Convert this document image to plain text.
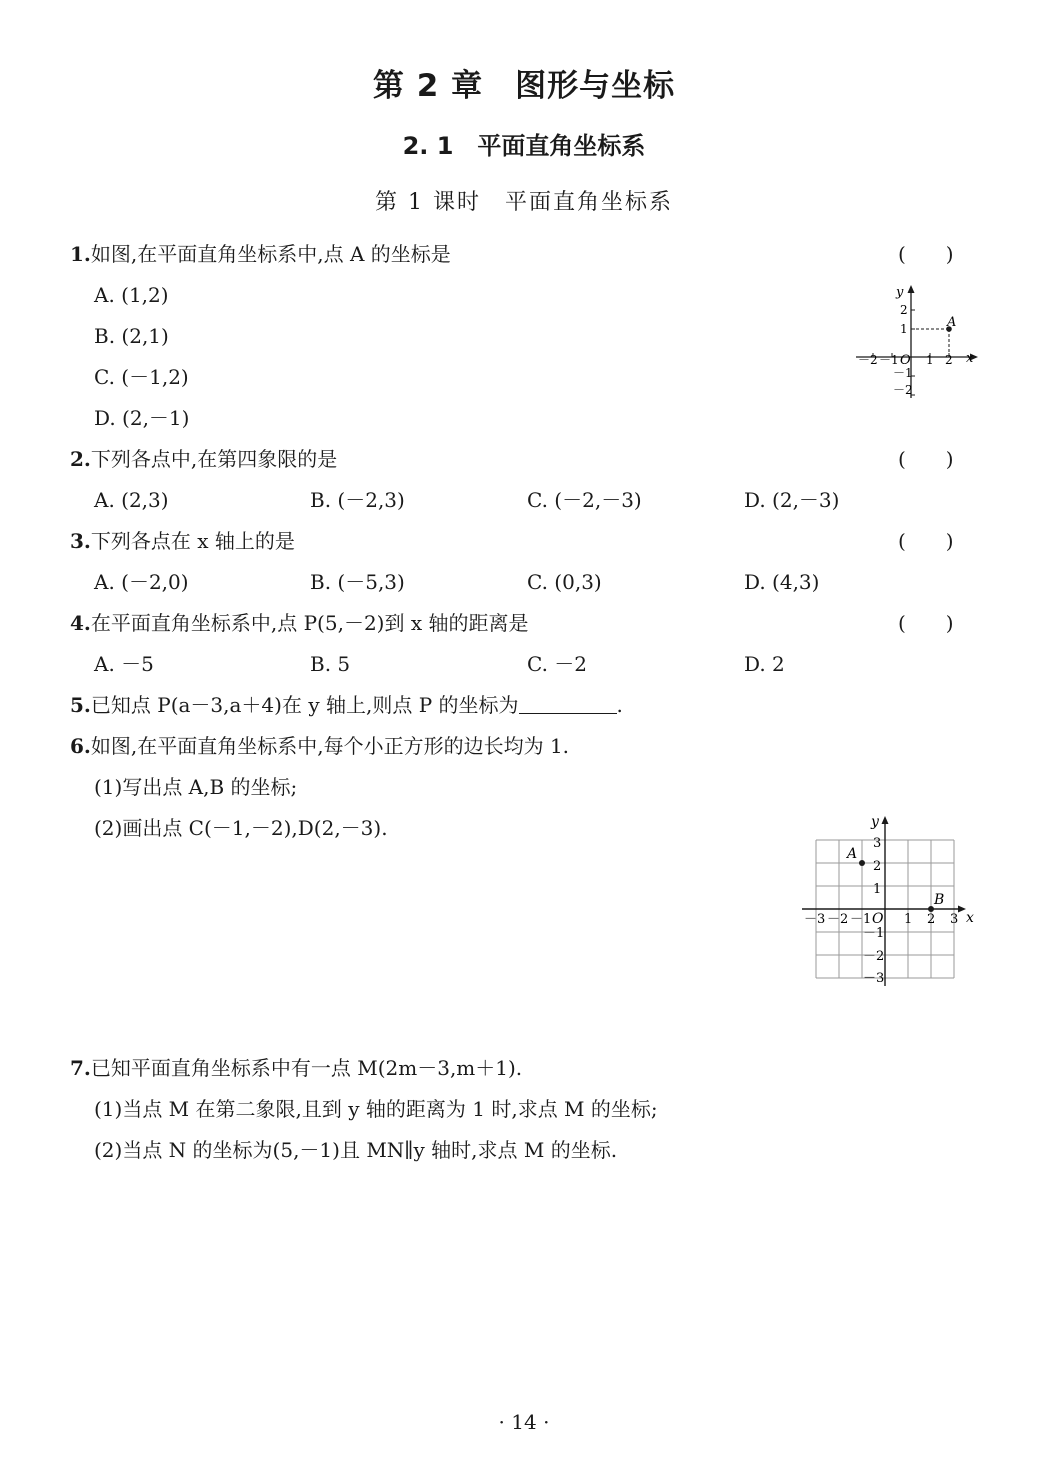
第 2 章　图形与坐标
2. 1　平面直角坐标系
第 1 课时　平面直角坐标系
1.如图,在平面直角坐标系中,点 A 的坐标是	(　　)
A. (1,2)
B. (2,1)
C. (－1,2)
D. (2,－1)
y
x
O
A
－2 －1 1 2
2
1
－1
－2
2.下列各点中,在第四象限的是	(　　)
A. (2,3)	B. (－2,3)	C. (－2,－3)	D. (2,－3)
3.下列各点在 x 轴上的是	(　　)
A. (－2,0)	B. (－5,3)	C. (0,3)	D. (4,3)
4.在平面直角坐标系中,点 P(5,－2)到 x 轴的距离是	(　　)
A. －5	B. 5	C. －2	D. 2
5.已知点 P(a－3,a＋4)在 y 轴上,则点 P 的坐标为	.
6.如图,在平面直角坐标系中,每个小正方形的边长均为 1.
(1)写出点 A,B 的坐标;
(2)画出点 C(－1,－2),D(2,－3).
A
B
y
x
O
－3 －2 －1	1 2 3
3
2
1
－1
－2
－3
7.已知平面直角坐标系中有一点 M(2m－3,m＋1).
(1)当点 M 在第二象限,且到 y 轴的距离为 1 时,求点 M 的坐标;
(2)当点 N 的坐标为(5,－1)且 MN∥y 轴时,求点 M 的坐标.
· 14 ·
